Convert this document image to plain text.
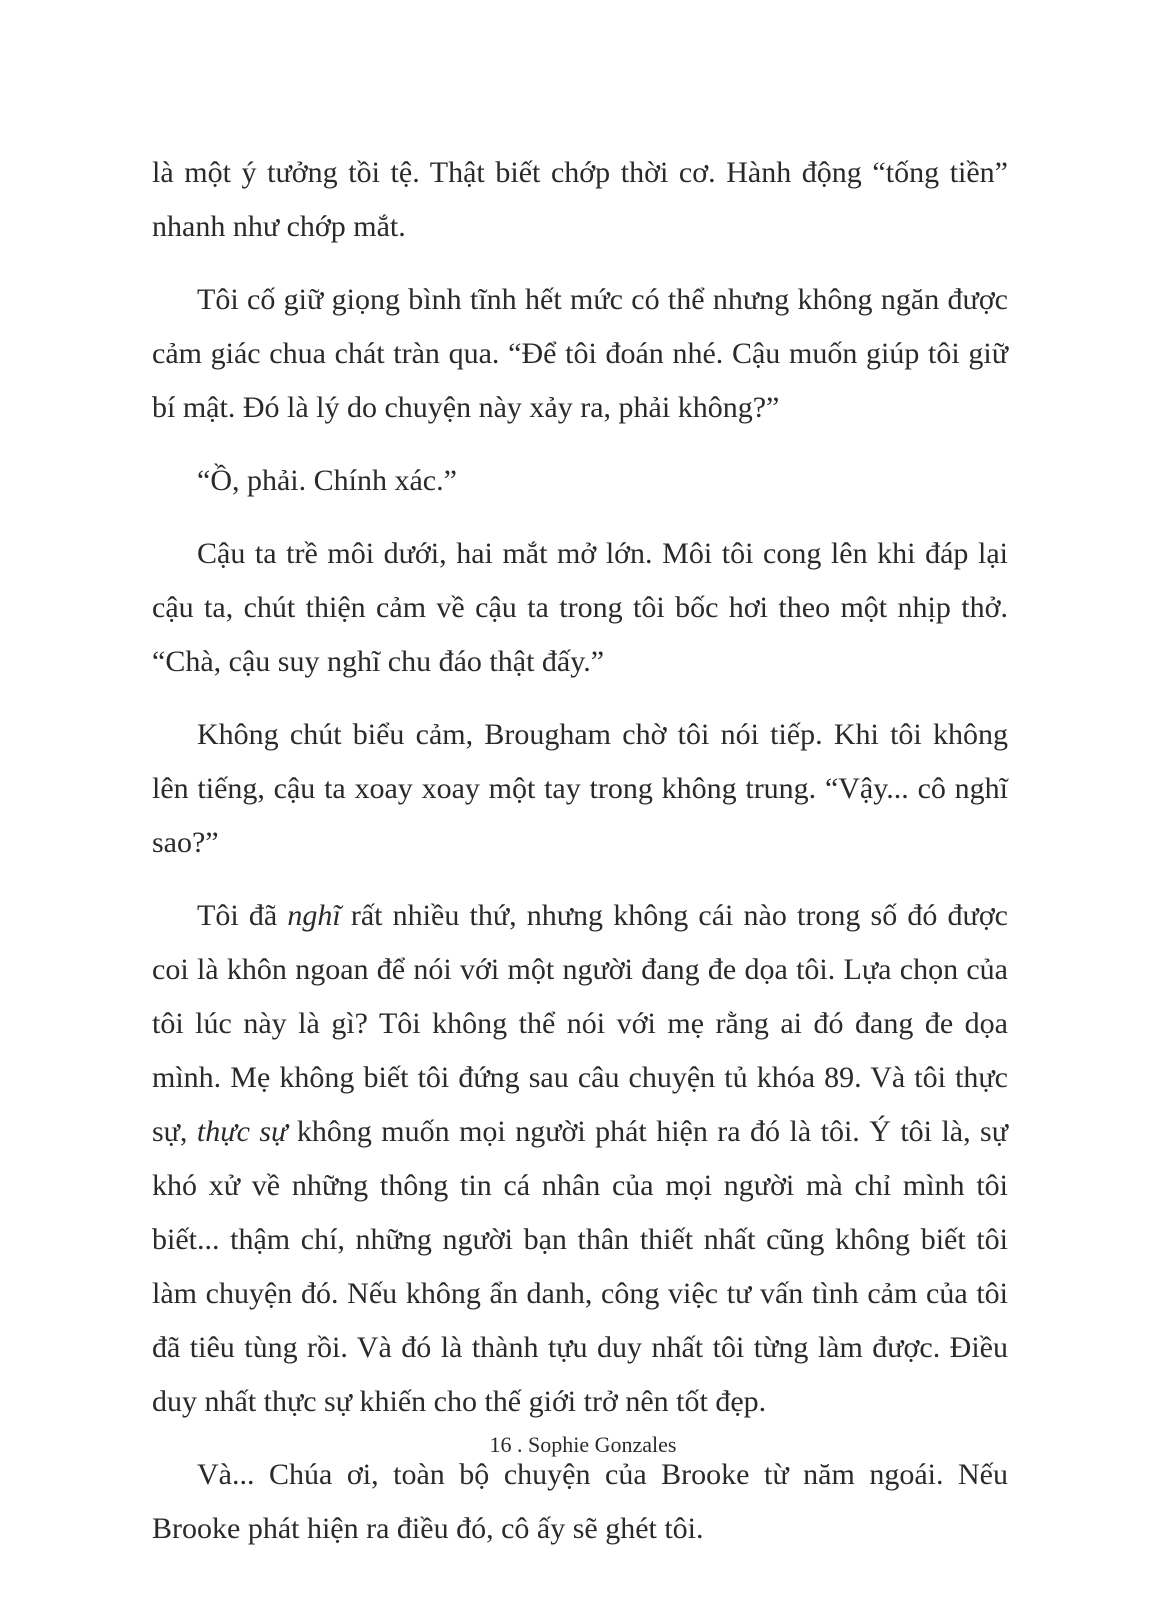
là một ý tưởng tồi tệ. Thật biết chớp thời cơ. Hành động “tống tiền” nhanh như chớp mắt.

Tôi cố giữ giọng bình tĩnh hết mức có thể nhưng không ngăn được cảm giác chua chát tràn qua. “Để tôi đoán nhé. Cậu muốn giúp tôi giữ bí mật. Đó là lý do chuyện này xảy ra, phải không?”

“Ồ, phải. Chính xác.”

Cậu ta trề môi dưới, hai mắt mở lớn. Môi tôi cong lên khi đáp lại cậu ta, chút thiện cảm về cậu ta trong tôi bốc hơi theo một nhịp thở. “Chà, cậu suy nghĩ chu đáo thật đấy.”

Không chút biểu cảm, Brougham chờ tôi nói tiếp. Khi tôi không lên tiếng, cậu ta xoay xoay một tay trong không trung. “Vậy... cô nghĩ sao?”

Tôi đã nghĩ rất nhiều thứ, nhưng không cái nào trong số đó được coi là khôn ngoan để nói với một người đang đe dọa tôi. Lựa chọn của tôi lúc này là gì? Tôi không thể nói với mẹ rằng ai đó đang đe dọa mình. Mẹ không biết tôi đứng sau câu chuyện tủ khóa 89. Và tôi thực sự, thực sự không muốn mọi người phát hiện ra đó là tôi. Ý tôi là, sự khó xử về những thông tin cá nhân của mọi người mà chỉ mình tôi biết... thậm chí, những người bạn thân thiết nhất cũng không biết tôi làm chuyện đó. Nếu không ẩn danh, công việc tư vấn tình cảm của tôi đã tiêu tùng rồi. Và đó là thành tựu duy nhất tôi từng làm được. Điều duy nhất thực sự khiến cho thế giới trở nên tốt đẹp.

Và... Chúa ơi, toàn bộ chuyện của Brooke từ năm ngoái. Nếu Brooke phát hiện ra điều đó, cô ấy sẽ ghét tôi.

16 . Sophie Gonzales
